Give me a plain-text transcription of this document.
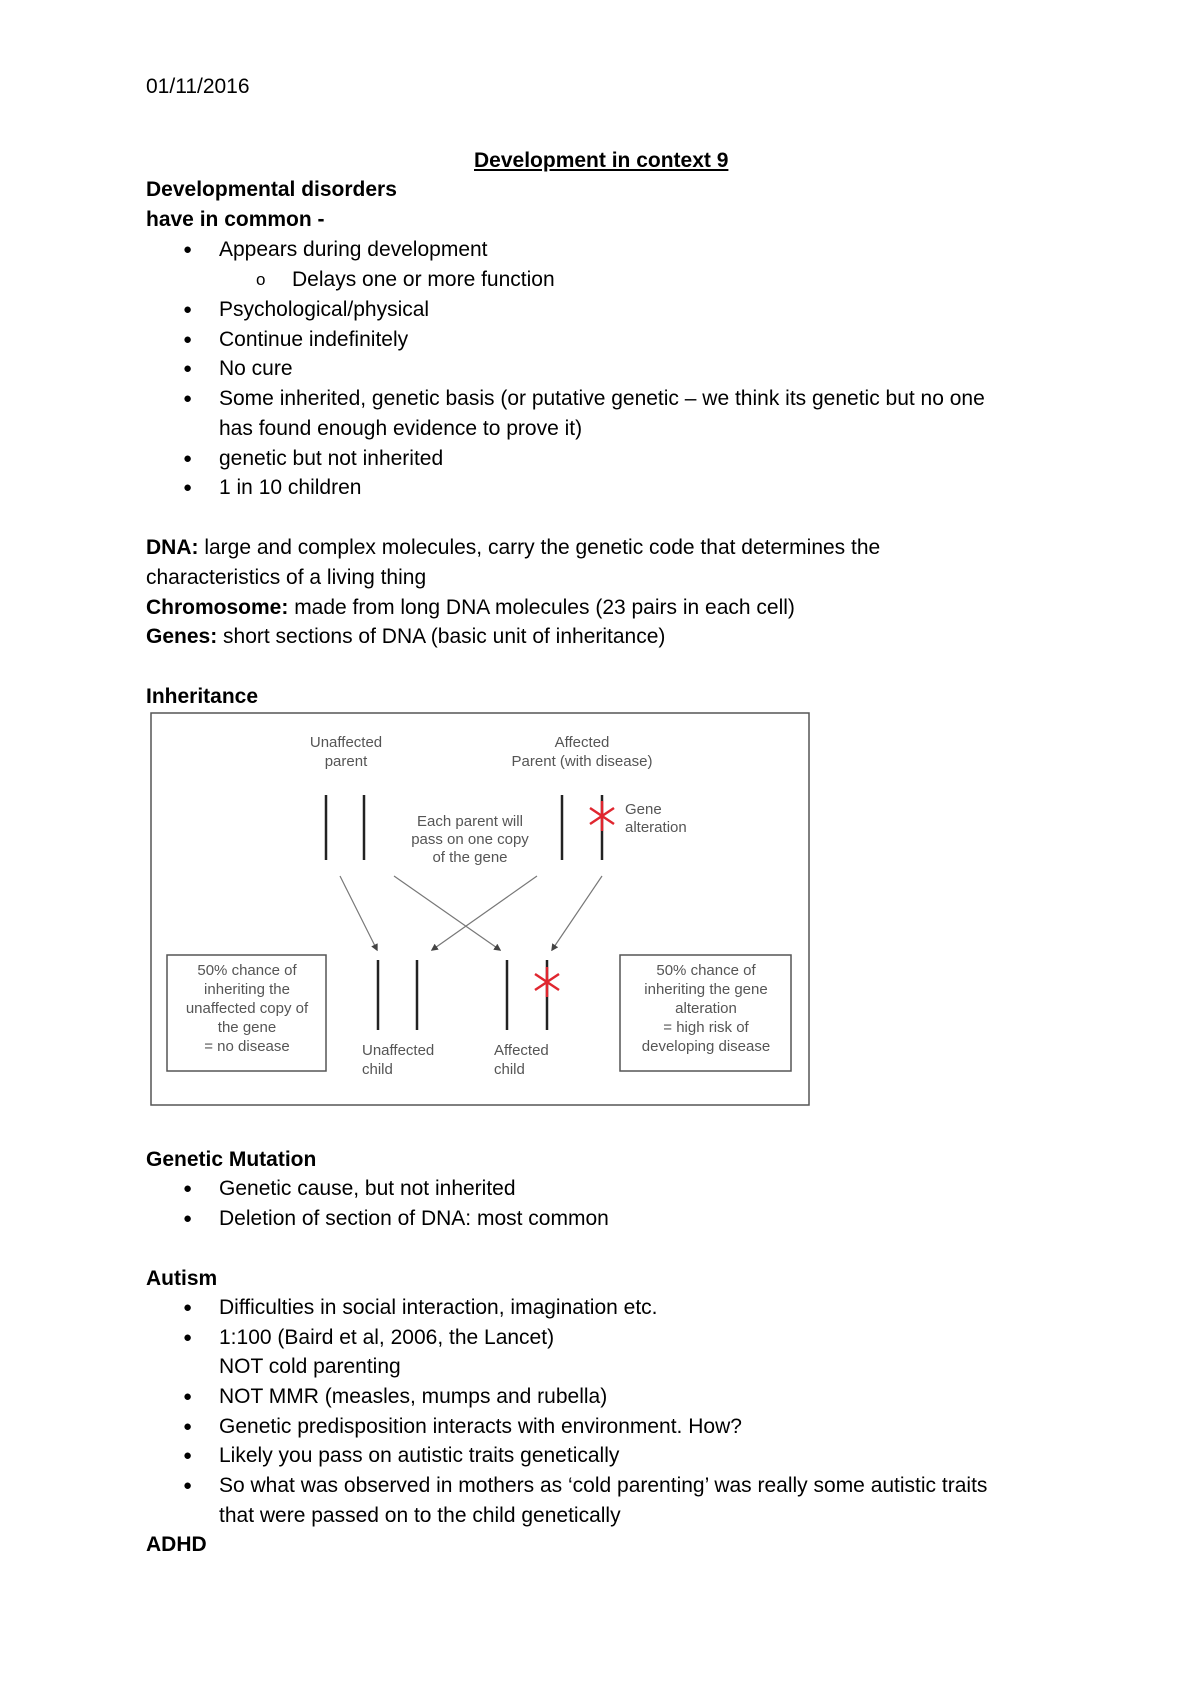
01/11/2016
Development in context 9
Developmental disorders
have in common -
● Appears during development
o Delays one or more function
● Psychological/physical
● Continue indefinitely
● No cure
● Some inherited, genetic basis (or putative genetic – we think its genetic but no one
has found enough evidence to prove it)
● genetic but not inherited
● 1 in 10 children
DNA: large and complex molecules, carry the genetic code that determines the
characteristics of a living thing
Chromosome: made from long DNA molecules (23 pairs in each cell)
Genes: short sections of DNA (basic unit of inheritance)
Inheritance
Unaffected
parent
Affected
Parent (with disease)
Gene
alteration
Each parent will
pass on one copy
of the gene
Unaffected
child
Affected
child
50% chance of
inheriting the
unaffected copy of
the gene
= no disease
50% chance of
inheriting the gene
alteration
= high risk of
developing disease
Genetic Mutation
● Genetic cause, but not inherited
● Deletion of section of DNA: most common
Autism
● Difficulties in social interaction, imagination etc.
● 1:100 (Baird et al, 2006, the Lancet)
NOT cold parenting
● NOT MMR (measles, mumps and rubella)
● Genetic predisposition interacts with environment. How?
● Likely you pass on autistic traits genetically
● So what was observed in mothers as ‘cold parenting’ was really some autistic traits
that were passed on to the child genetically
ADHD
